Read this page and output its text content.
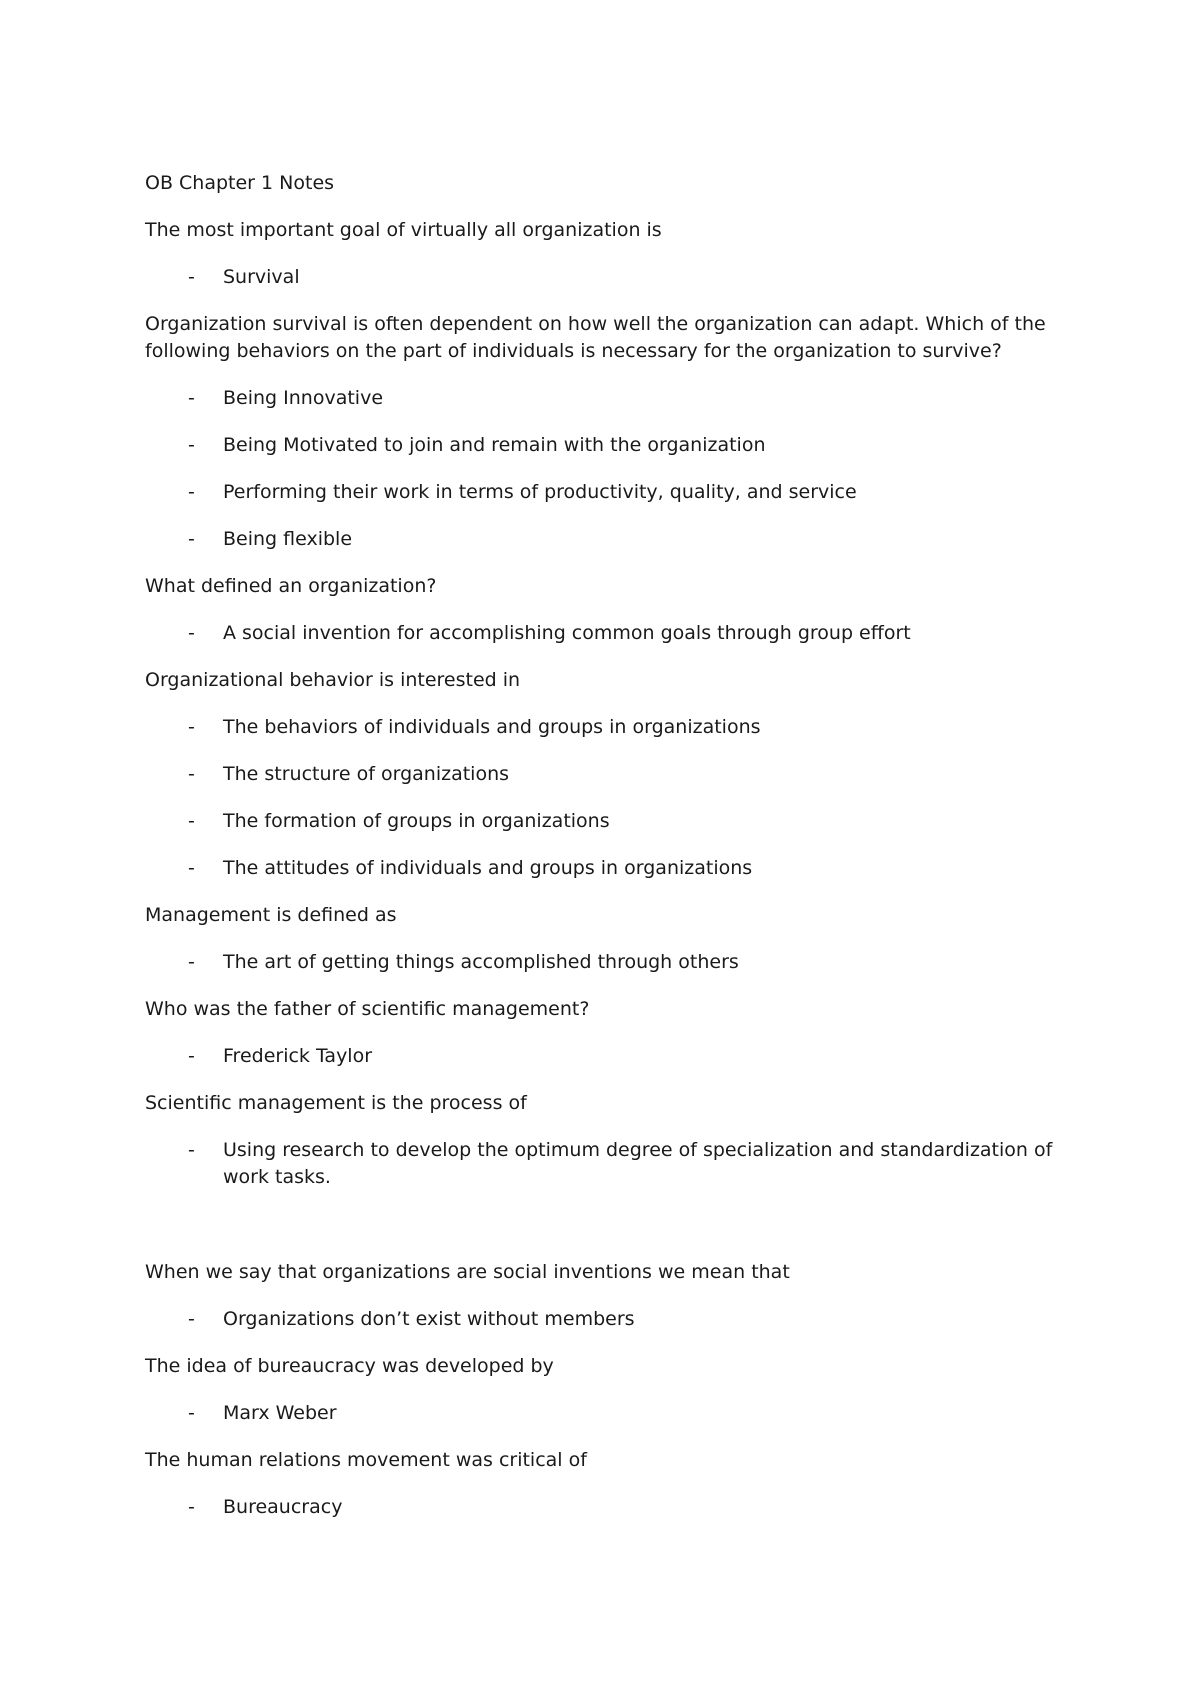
OB Chapter 1 Notes

The most important goal of virtually all organization is

- Survival

Organization survival is often dependent on how well the organization can adapt. Which of the following behaviors on the part of individuals is necessary for the organization to survive?

- Being Innovative
- Being Motivated to join and remain with the organization
- Performing their work in terms of productivity, quality, and service
- Being flexible

What defined an organization?

- A social invention for accomplishing common goals through group effort

Organizational behavior is interested in

- The behaviors of individuals and groups in organizations
- The structure of organizations
- The formation of groups in organizations
- The attitudes of individuals and groups in organizations

Management is defined as

- The art of getting things accomplished through others

Who was the father of scientific management?

- Frederick Taylor

Scientific management is the process of

- Using research to develop the optimum degree of specialization and standardization of work tasks.

When we say that organizations are social inventions we mean that

- Organizations don’t exist without members

The idea of bureaucracy was developed by

- Marx Weber

The human relations movement was critical of

- Bureaucracy
